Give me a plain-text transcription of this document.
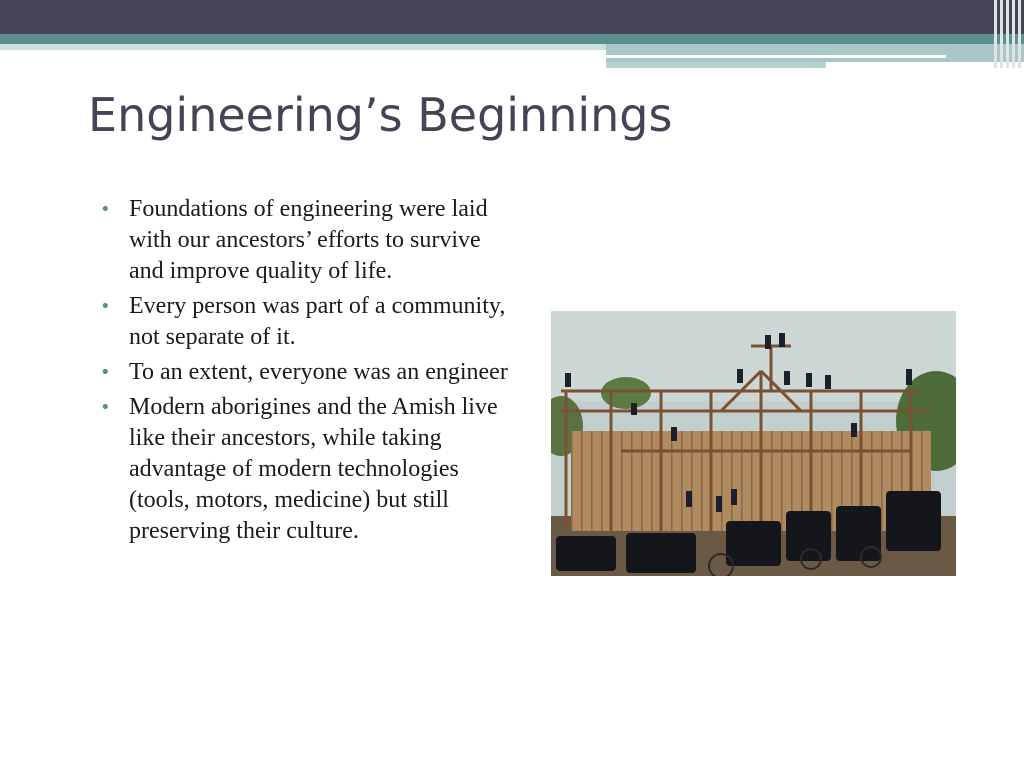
Engineering’s Beginnings
• Foundations of engineering were laid with our ancestors’ efforts to survive and improve quality of life.
• Every person was part of a community, not separate of it.
• To an extent, everyone was an engineer
• Modern aborigines and the Amish live like their ancestors, while taking advantage of modern technologies (tools, motors, medicine) but still preserving their culture.
